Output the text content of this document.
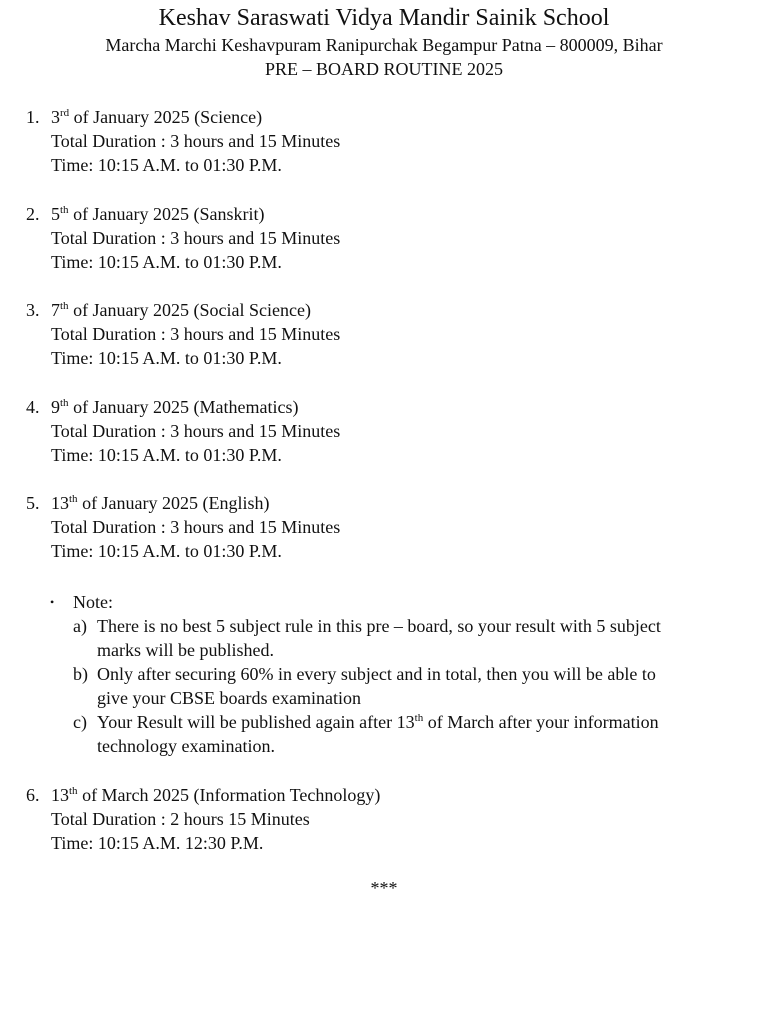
Keshav Saraswati Vidya Mandir Sainik School
Marcha Marchi Keshavpuram Ranipurchak Begampur Patna – 800009, Bihar
PRE – BOARD ROUTINE 2025
1. 3rd of January 2025 (Science)
Total Duration : 3 hours and 15 Minutes
Time: 10:15 A.M. to 01:30 P.M.
2. 5th of January 2025 (Sanskrit)
Total Duration : 3 hours and 15 Minutes
Time: 10:15 A.M. to 01:30 P.M.
3. 7th of January 2025 (Social Science)
Total Duration : 3 hours and 15 Minutes
Time: 10:15 A.M. to 01:30 P.M.
4. 9th of January 2025 (Mathematics)
Total Duration : 3 hours and 15 Minutes
Time: 10:15 A.M. to 01:30 P.M.
5. 13th of January 2025 (English)
Total Duration : 3 hours and 15 Minutes
Time: 10:15 A.M. to 01:30 P.M.
• Note:
a) There is no best 5 subject rule in this pre – board, so your result with 5 subject
marks will be published.
b) Only after securing 60% in every subject and in total, then you will be able to
give your CBSE boards examination
c) Your Result will be published again after 13th of March after your information
technology examination.
6. 13th of March 2025 (Information Technology)
Total Duration : 2 hours 15 Minutes
Time: 10:15 A.M. 12:30 P.M.
***
